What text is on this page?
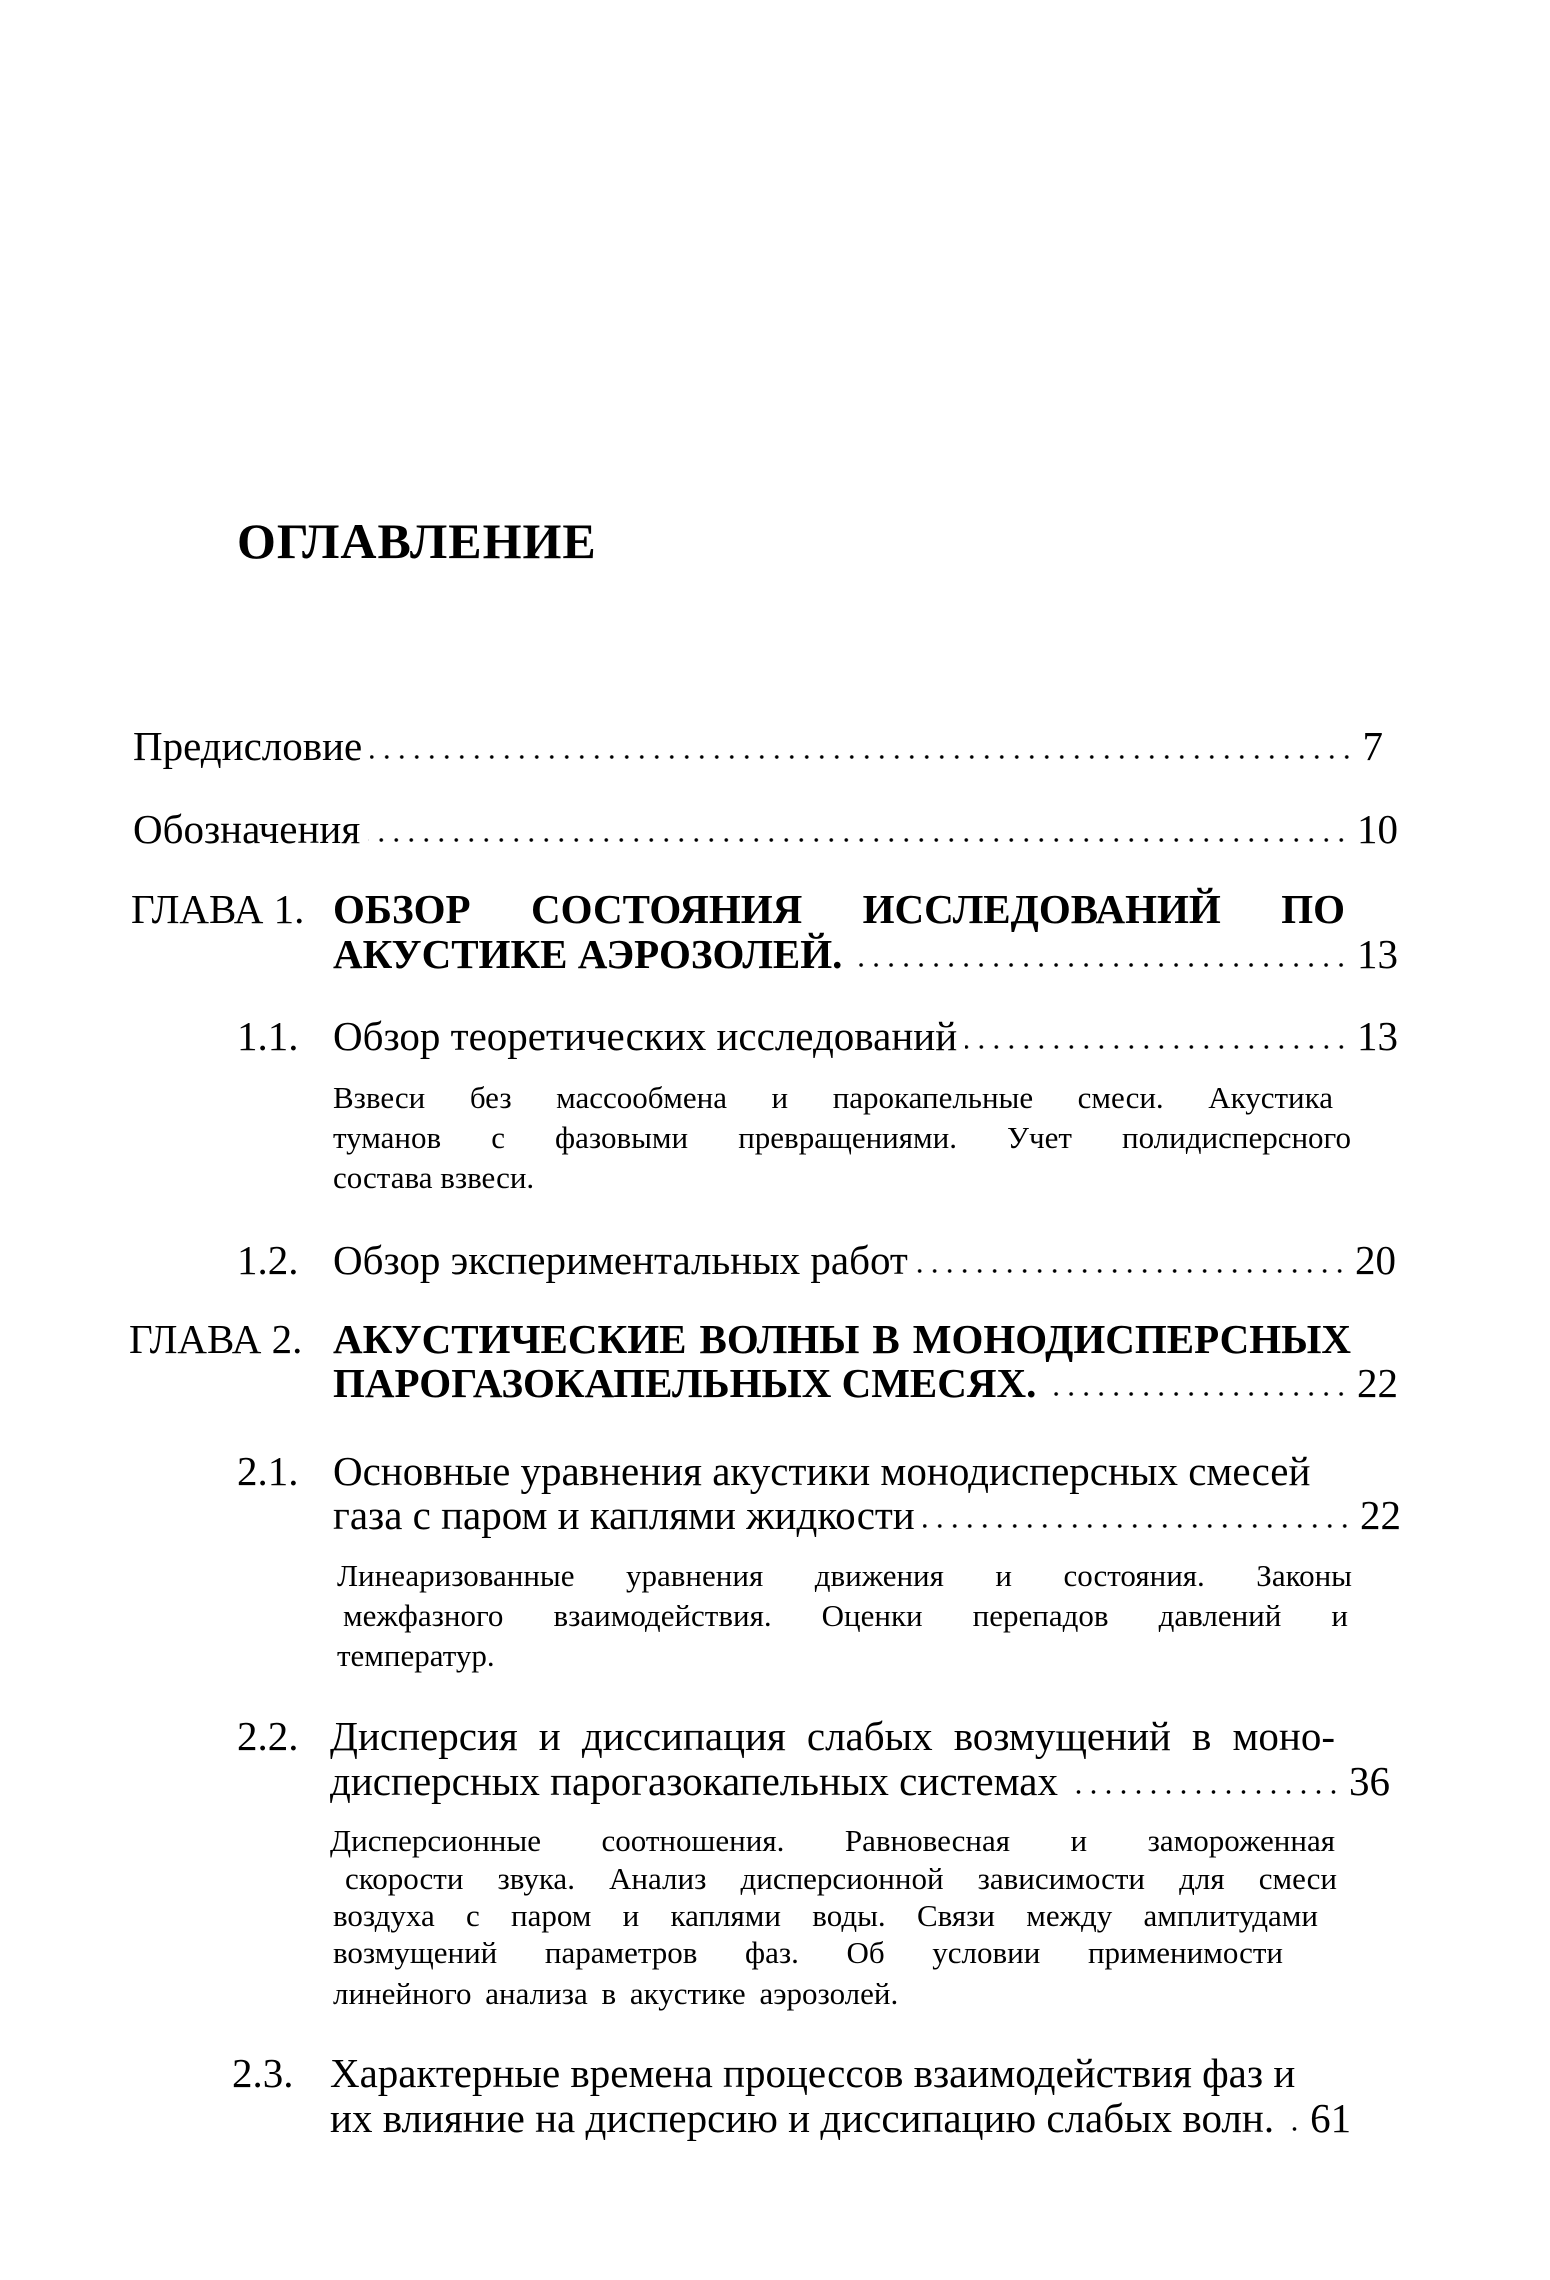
ОГЛАВЛЕНИЕ
Предисловие	7
Обозначения	10
ГЛАВА 1. ОБЗОР СОСТОЯНИЯ ИССЛЕДОВАНИЙ ПО
АКУСТИКЕ АЭРОЗОЛЕЙ.	13
1.1. Обзор теоретических исследований	13
Взвеси без массообмена и парокапельные смеси. Акустика
туманов с фазовыми превращениями. Учет полидисперсного
состава взвеси.
1.2. Обзор экспериментальных работ	20
ГЛАВА 2. АКУСТИЧЕСКИЕ ВОЛНЫ В МОНОДИСПЕРСНЫХ
ПАРОГАЗОКАПЕЛЬНЫХ СМЕСЯХ.	22
2.1. Основные уравнения акустики монодисперсных смесей
газа с паром и каплями жидкости	22
Линеаризованные уравнения движения и состояния. Законы
межфазного взаимодействия. Оценки перепадов давлений и
температур.
2.2. Дисперсия и диссипация слабых возмущений в моно-
дисперсных парогазокапельных системах	36
Дисперсионные соотношения. Равновесная и замороженная
скорости звука. Анализ дисперсионной зависимости для смеси
воздуха с паром и каплями воды. Связи между амплитудами
возмущений параметров фаз. Об условии применимости
линейного анализа в акустике аэрозолей.
2.3. Характерные времена процессов взаимодействия фаз и
их влияние на дисперсию и диссипацию слабых волн. 61
